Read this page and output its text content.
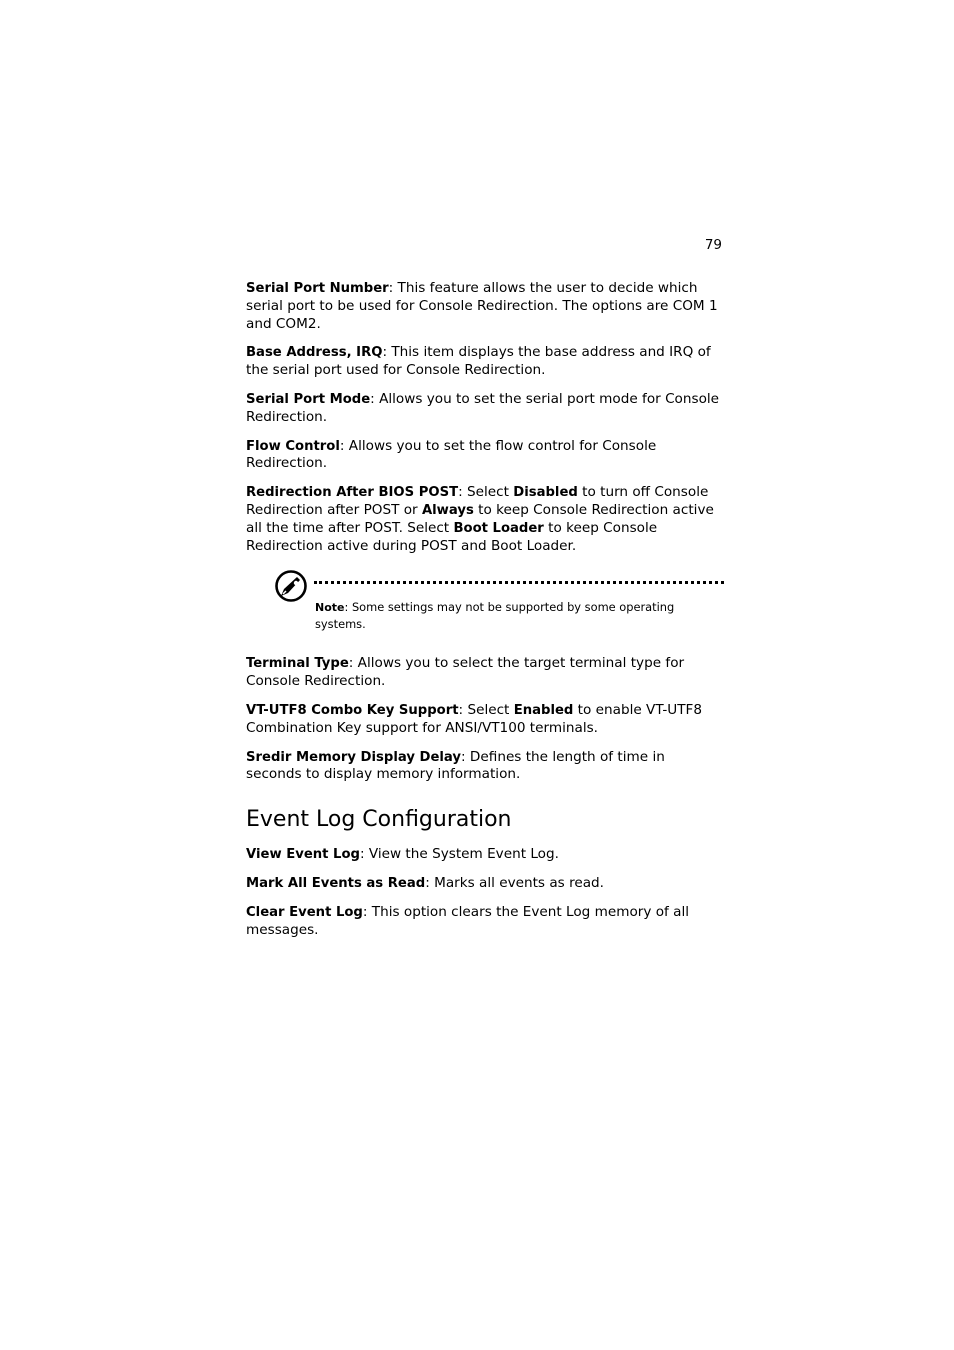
79

Serial Port Number: This feature allows the user to decide which serial port to be used for Console Redirection. The options are COM 1 and COM2.

Base Address, IRQ: This item displays the base address and IRQ of the serial port used for Console Redirection.

Serial Port Mode: Allows you to set the serial port mode for Console Redirection.

Flow Control: Allows you to set the flow control for Console Redirection.

Redirection After BIOS POST: Select Disabled to turn off Console Redirection after POST or Always to keep Console Redirection active all the time after POST. Select Boot Loader to keep Console Redirection active during POST and Boot Loader.

Note: Some settings may not be supported by some operating systems.

Terminal Type: Allows you to select the target terminal type for Console Redirection.

VT-UTF8 Combo Key Support: Select Enabled to enable VT-UTF8 Combination Key support for ANSI/VT100 terminals.

Sredir Memory Display Delay: Defines the length of time in seconds to display memory information.

Event Log Configuration

View Event Log: View the System Event Log.

Mark All Events as Read: Marks all events as read.

Clear Event Log: This option clears the Event Log memory of all messages.
